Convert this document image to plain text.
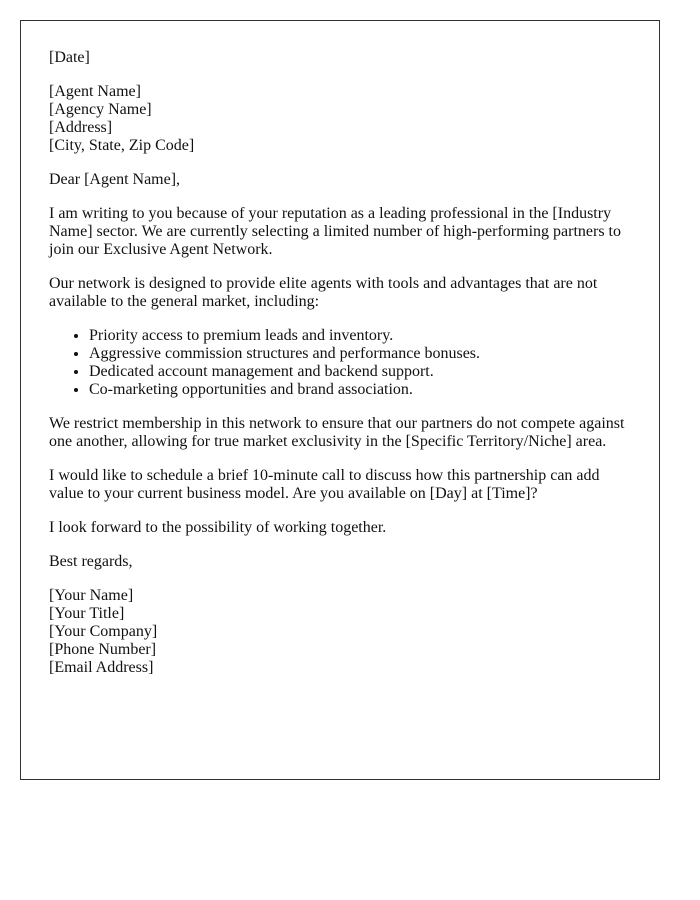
[Date]
[Agent Name]
[Agency Name]
[Address]
[City, State, Zip Code]

Dear [Agent Name],

I am writing to you because of your reputation as a leading professional in the [Industry Name] sector. We are currently selecting a limited number of high-performing partners to join our Exclusive Agent Network.

Our network is designed to provide elite agents with tools and advantages that are not available to the general market, including:

• Priority access to premium leads and inventory.
• Aggressive commission structures and performance bonuses.
• Dedicated account management and backend support.
• Co-marketing opportunities and brand association.

We restrict membership in this network to ensure that our partners do not compete against one another, allowing for true market exclusivity in the [Specific Territory/Niche] area.

I would like to schedule a brief 10-minute call to discuss how this partnership can add value to your current business model. Are you available on [Day] at [Time]?

I look forward to the possibility of working together.

Best regards,

[Your Name]
[Your Title]
[Your Company]
[Phone Number]
[Email Address]
